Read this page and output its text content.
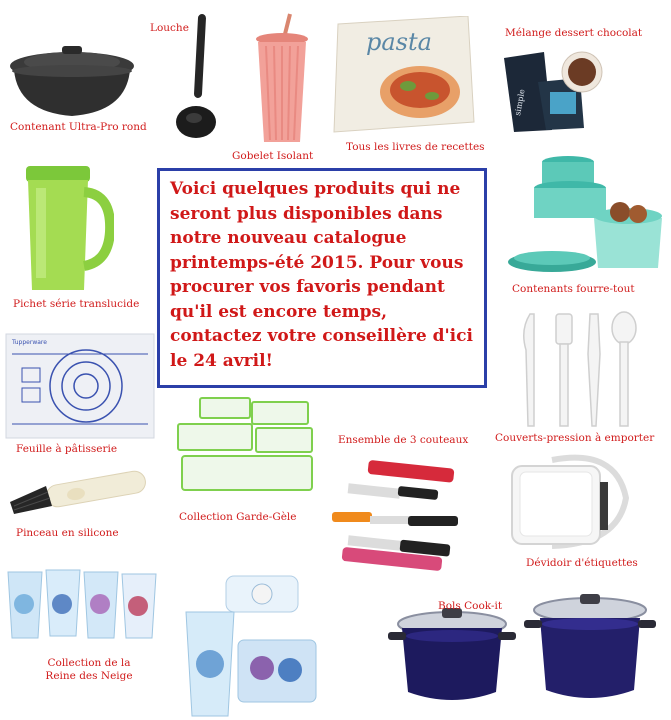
pasta
simple
Tupperware
Contenant Ultra-Pro rond
Louche
Gobelet Isolant
Tous les livres de recettes
Mélange dessert chocolat
Pichet série translucide
Contenants fourre-tout
Feuille à pâtisserie
Couverts-pression à emporter
Collection Garde-Gèle
Ensemble de 3 couteaux
Pinceau en silicone
Dévidoir d'étiquettes
Bols Cook-it
Collection de la
Reine des Neige

Voici quelques produits qui ne seront plus disponibles dans notre nouveau catalogue printemps-été 2015. Pour vous procurer vos favoris pendant qu'il est encore temps, contactez votre conseillère d'ici le 24 avril!
